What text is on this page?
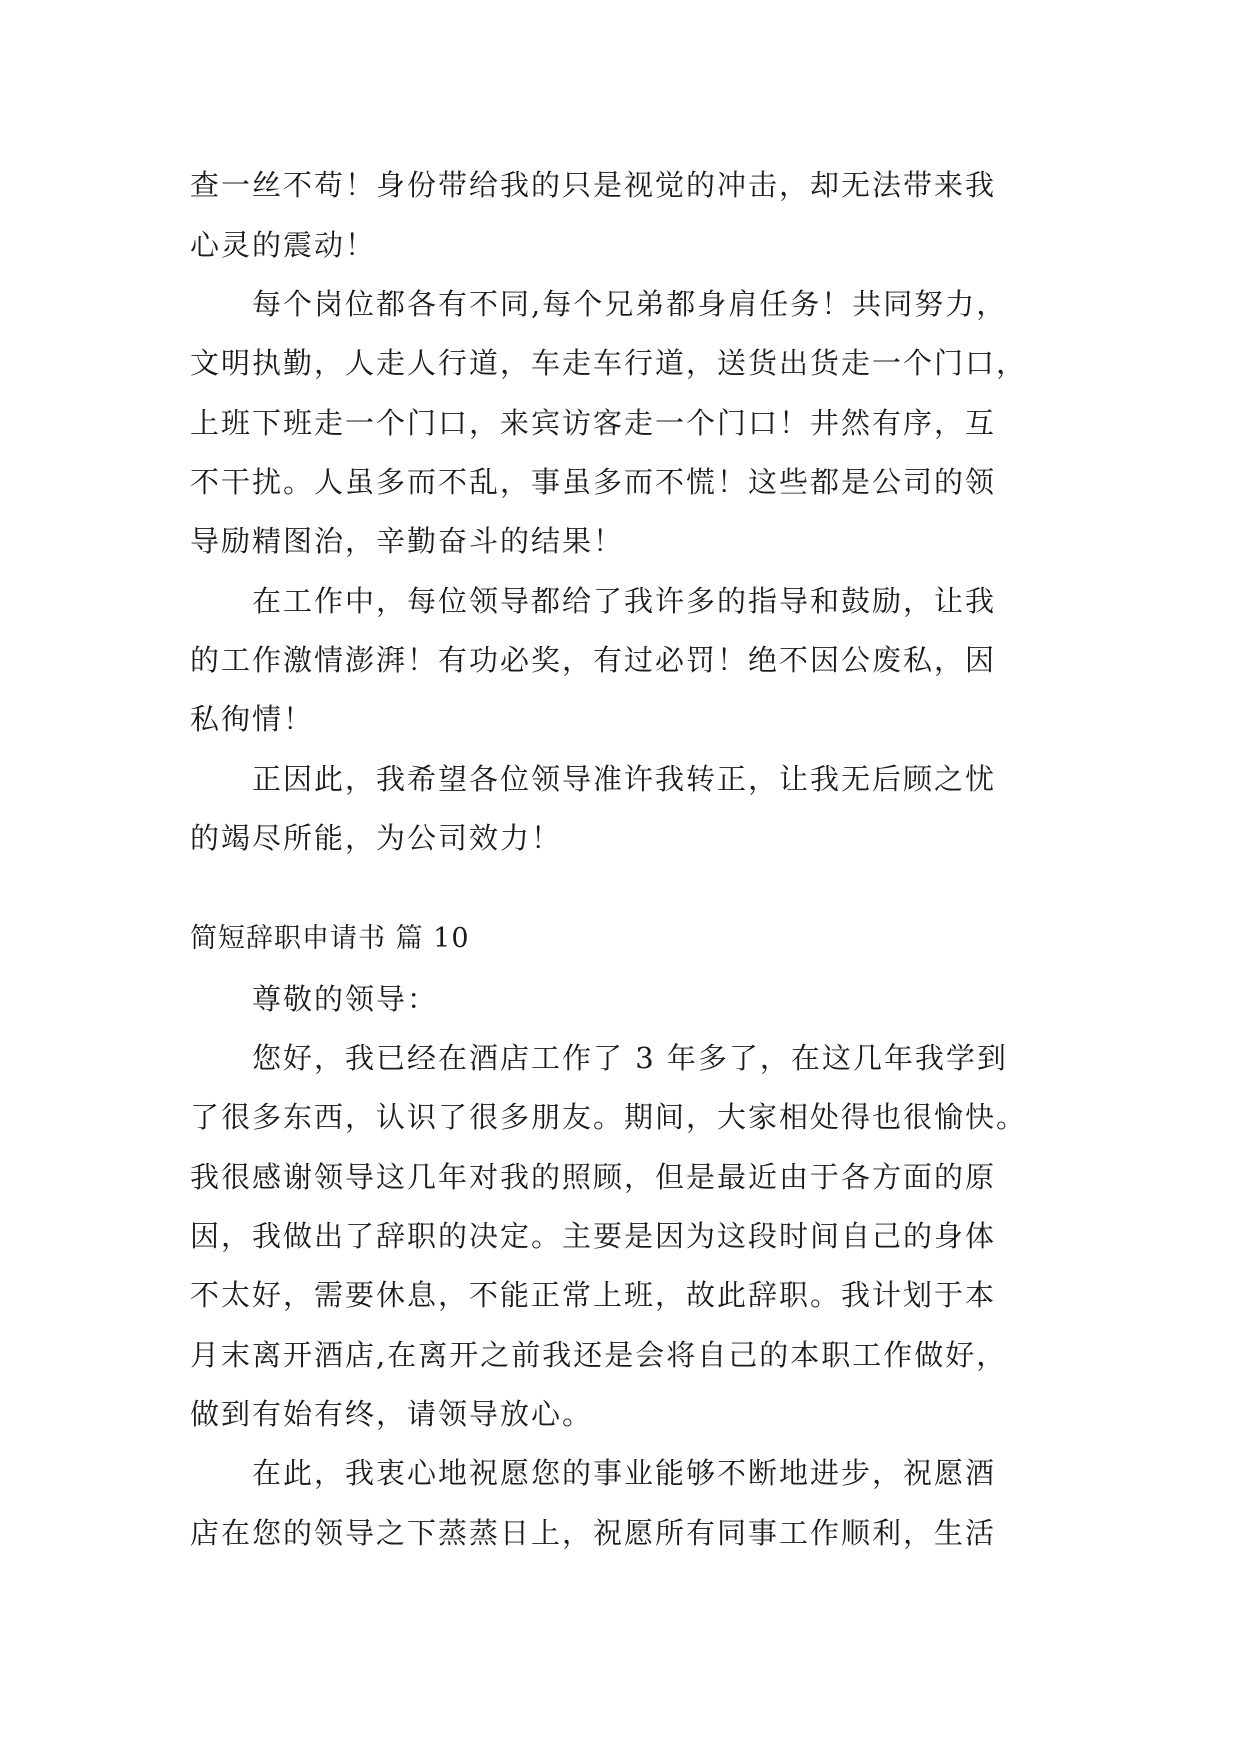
查一丝不苟！身份带给我的只是视觉的冲击，却无法带来我
心灵的震动！
每个岗位都各有不同,每个兄弟都身肩任务！共同努力，
文明执勤，人走人行道，车走车行道，送货出货走一个门口，
上班下班走一个门口，来宾访客走一个门口！井然有序，互
不干扰。人虽多而不乱，事虽多而不慌！这些都是公司的领
导励精图治，辛勤奋斗的结果！
在工作中，每位领导都给了我许多的指导和鼓励，让我
的工作激情澎湃！有功必奖，有过必罚！绝不因公废私，因
私徇情！
正因此，我希望各位领导准许我转正，让我无后顾之忧
的竭尽所能，为公司效力！
简短辞职申请书 篇 10
尊敬的领导：
您好，我已经在酒店工作了 3 年多了，在这几年我学到
了很多东西，认识了很多朋友。期间，大家相处得也很愉快。
我很感谢领导这几年对我的照顾，但是最近由于各方面的原
因，我做出了辞职的决定。主要是因为这段时间自己的身体
不太好，需要休息，不能正常上班，故此辞职。我计划于本
月末离开酒店,在离开之前我还是会将自己的本职工作做好，
做到有始有终，请领导放心。
在此，我衷心地祝愿您的事业能够不断地进步，祝愿酒
店在您的领导之下蒸蒸日上，祝愿所有同事工作顺利，生活
